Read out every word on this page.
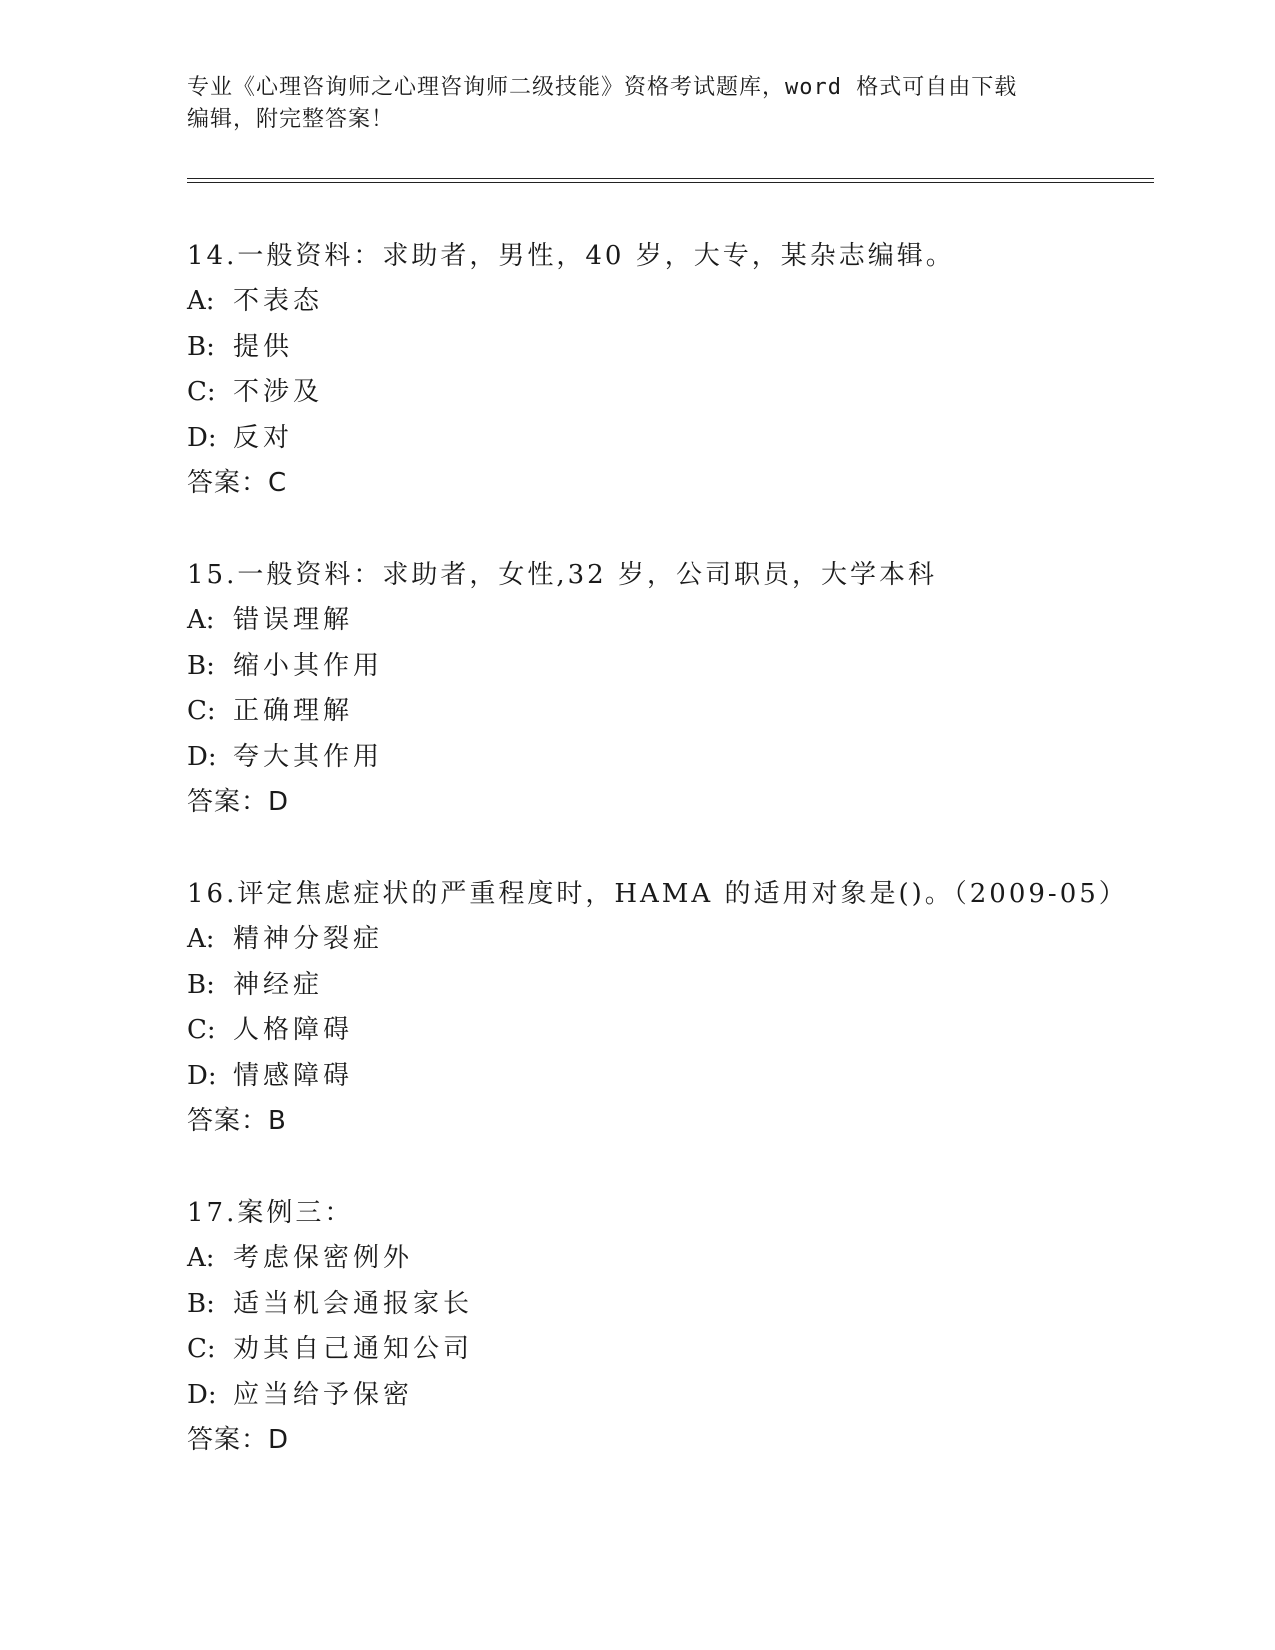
专业《心理咨询师之心理咨询师二级技能》资格考试题库，word 格式可自由下载

编辑，附完整答案！

14.一般资料：求助者，男性，40 岁，大专，某杂志编辑。

A: 不表态

B: 提供

C: 不涉及

D: 反对

答案：C

15.一般资料：求助者，女性,32 岁，公司职员，大学本科

A: 错误理解

B: 缩小其作用

C: 正确理解

D: 夸大其作用

答案：D

16.评定焦虑症状的严重程度时，HAMA 的适用对象是()。（2009-05）

A: 精神分裂症

B: 神经症

C: 人格障碍

D: 情感障碍

答案：B

17.案例三：

A: 考虑保密例外

B: 适当机会通报家长

C: 劝其自己通知公司

D: 应当给予保密

答案：D
